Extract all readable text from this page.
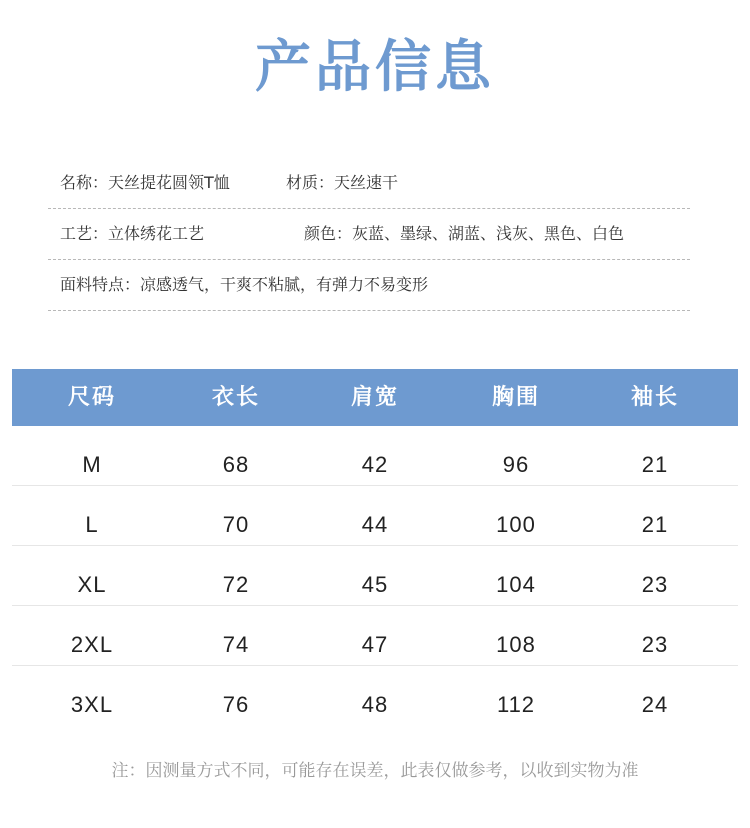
产品信息
名称：天丝提花圆领T恤	材质：天丝速干
工艺：立体绣花工艺	颜色：灰蓝、墨绿、湖蓝、浅灰、黑色、白色
面料特点：凉感透气，干爽不粘腻，有弹力不易变形
尺码	衣长	肩宽	胸围	袖长
M	68	42	96	21
L	70	44	100	21
XL	72	45	104	23
2XL	74	47	108	23
3XL	76	48	112	24
注：因测量方式不同，可能存在误差，此表仅做参考，以收到实物为准
